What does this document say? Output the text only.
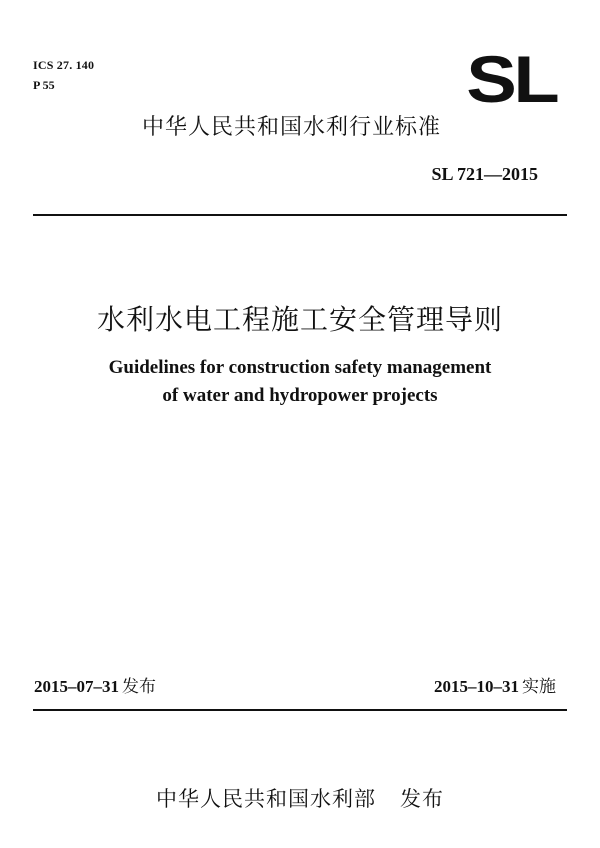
ICS 27. 140
P 55	SL
中华人民共和国水利行业标准
SL 721—2015
水利水电工程施工安全管理导则
Guidelines for construction safety management
of water and hydropower projects
2015–07–31 发布	2015–10–31 实施
中华人民共和国水利部 发布
